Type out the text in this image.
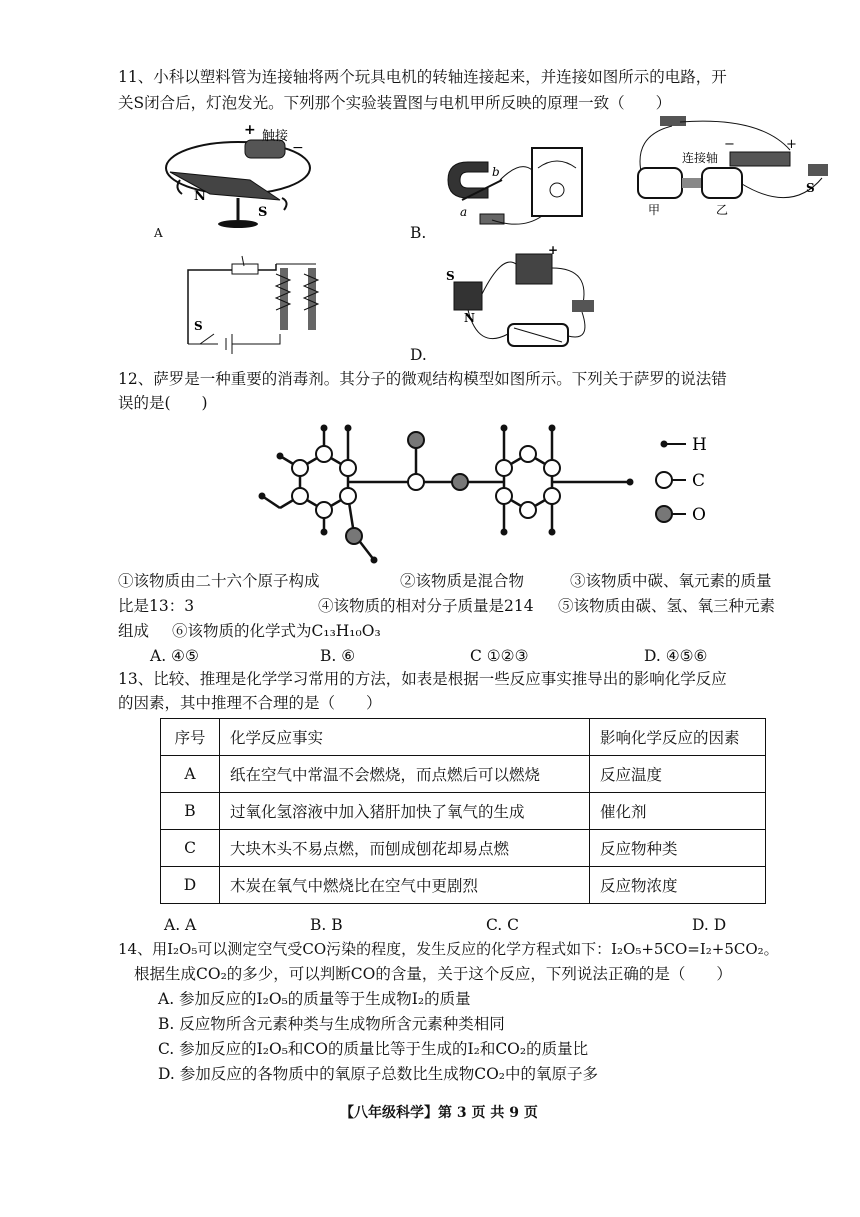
11、小科以塑料管为连接轴将两个玩具电机的转轴连接起来，并连接如图所示的电路，开
关S闭合后，灯泡发光。下列那个实验装置图与电机甲所反映的原理一致（　　）
+ 触接
−
N
S
A
a
b
B.
连接轴
甲	乙
S
−	+
S
S
N
+
D.
12、萨罗是一种重要的消毒剂。其分子的微观结构模型如图所示。下列关于萨罗的说法错
误的是(　　)
H
C
O
①该物质由二十六个原子构成	②该物质是混合物	③该物质中碳、氧元素的质量
比是13：3	④该物质的相对分子质量是214 ⑤该物质由碳、氢、氧三种元素
组成 ⑥该物质的化学式为C₁₃H₁₀O₃
A. ④⑤	B. ⑥	C ①②③	D. ④⑤⑥
13、比较、推理是化学学习常用的方法，如表是根据一些反应事实推导出的影响化学反应
的因素，其中推理不合理的是（　　）
序号	化学反应事实	影响化学反应的因素
A	纸在空气中常温不会燃烧，而点燃后可以燃烧	反应温度
B	过氧化氢溶液中加入猪肝加快了氧气的生成	催化剂
C	大块木头不易点燃，而刨成刨花却易点燃	反应物种类
D	木炭在氧气中燃烧比在空气中更剧烈	反应物浓度
A. A	B. B	C. C	D. D
14、用I₂O₅可以测定空气受CO污染的程度，发生反应的化学方程式如下：I₂O₅+5CO=I₂+5CO₂。
根据生成CO₂的多少，可以判断CO的含量，关于这个反应，下列说法正确的是（　　）
A. 参加反应的I₂O₅的质量等于生成物I₂的质量
B. 反应物所含元素种类与生成物所含元素种类相同
C. 参加反应的I₂O₅和CO的质量比等于生成的I₂和CO₂的质量比
D. 参加反应的各物质中的氧原子总数比生成物CO₂中的氧原子多
【八年级科学】第 3 页 共 9 页
